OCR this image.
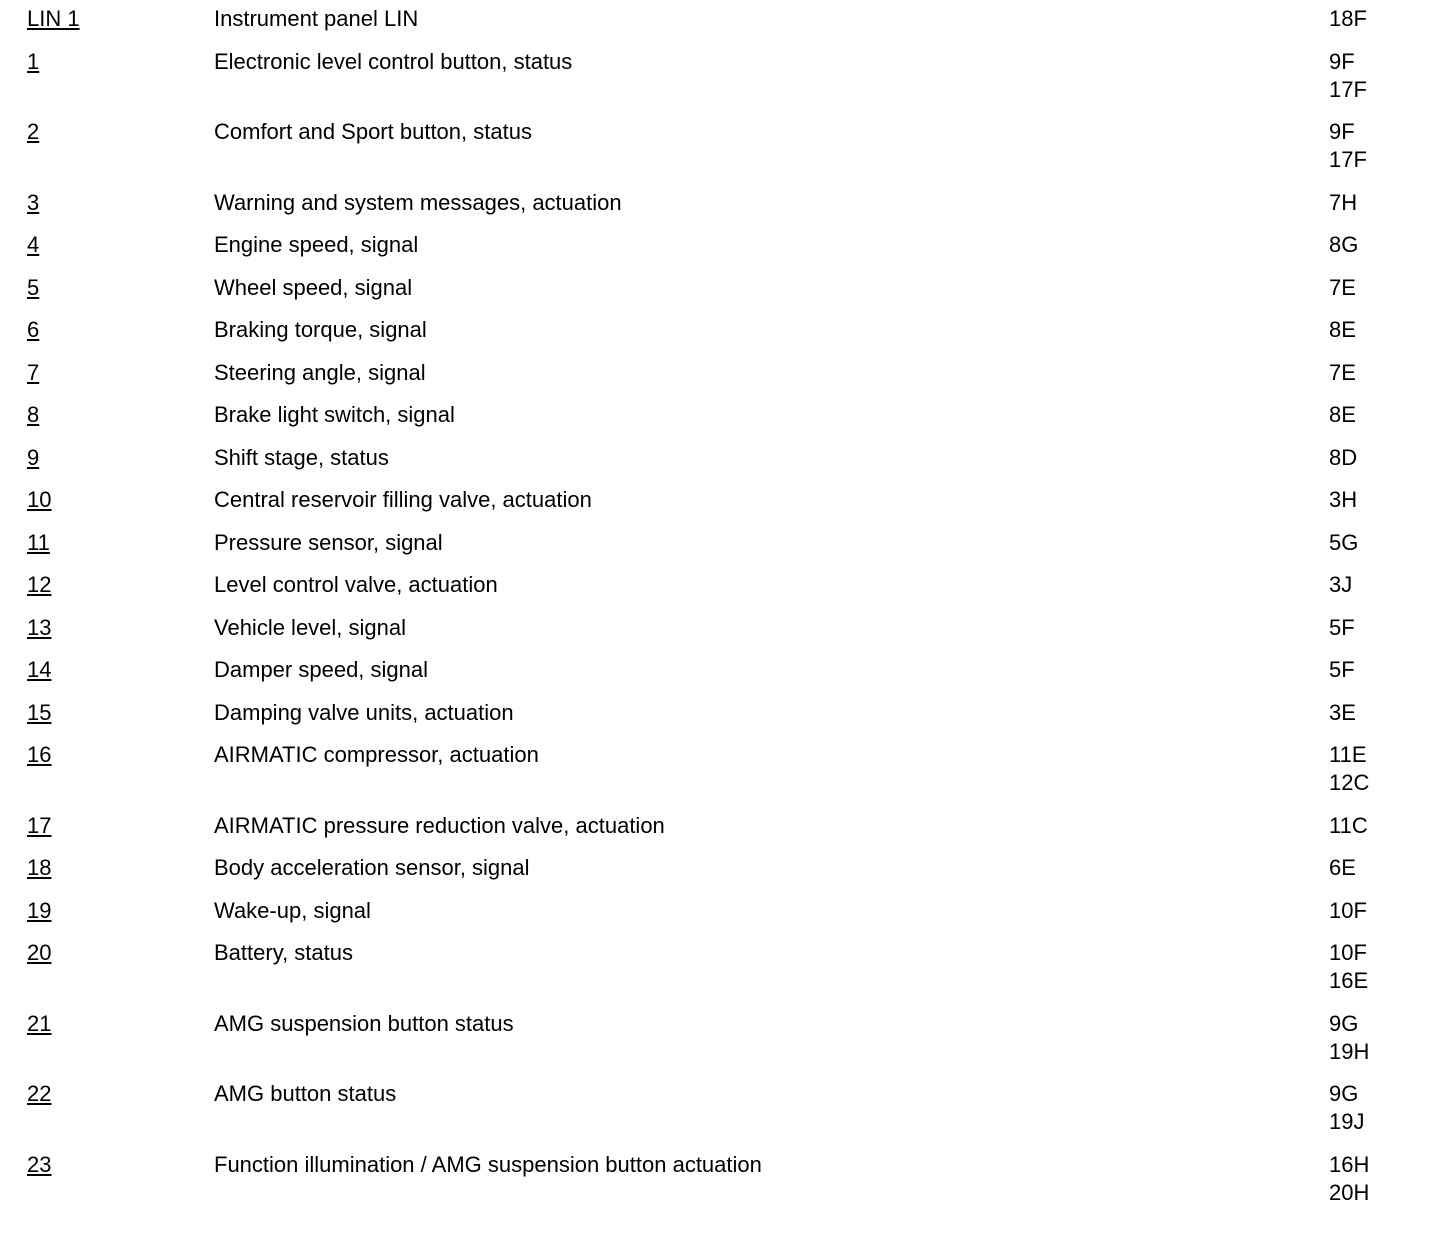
LIN 1	Instrument panel LIN	18F
1	Electronic level control button, status	9F
17F
2	Comfort and Sport button, status	9F
17F
3	Warning and system messages, actuation	7H
4	Engine speed, signal	8G
5	Wheel speed, signal	7E
6	Braking torque, signal	8E
7	Steering angle, signal	7E
8	Brake light switch, signal	8E
9	Shift stage, status	8D
10	Central reservoir filling valve, actuation	3H
11	Pressure sensor, signal	5G
12	Level control valve, actuation	3J
13	Vehicle level, signal	5F
14	Damper speed, signal	5F
15	Damping valve units, actuation	3E
16	AIRMATIC compressor, actuation	11E
12C
17	AIRMATIC pressure reduction valve, actuation	11C
18	Body acceleration sensor, signal	6E
19	Wake-up, signal	10F
20	Battery, status	10F
16E
21	AMG suspension button status	9G
19H
22	AMG button status	9G
19J
23	Function illumination / AMG suspension button actuation	16H
20H
